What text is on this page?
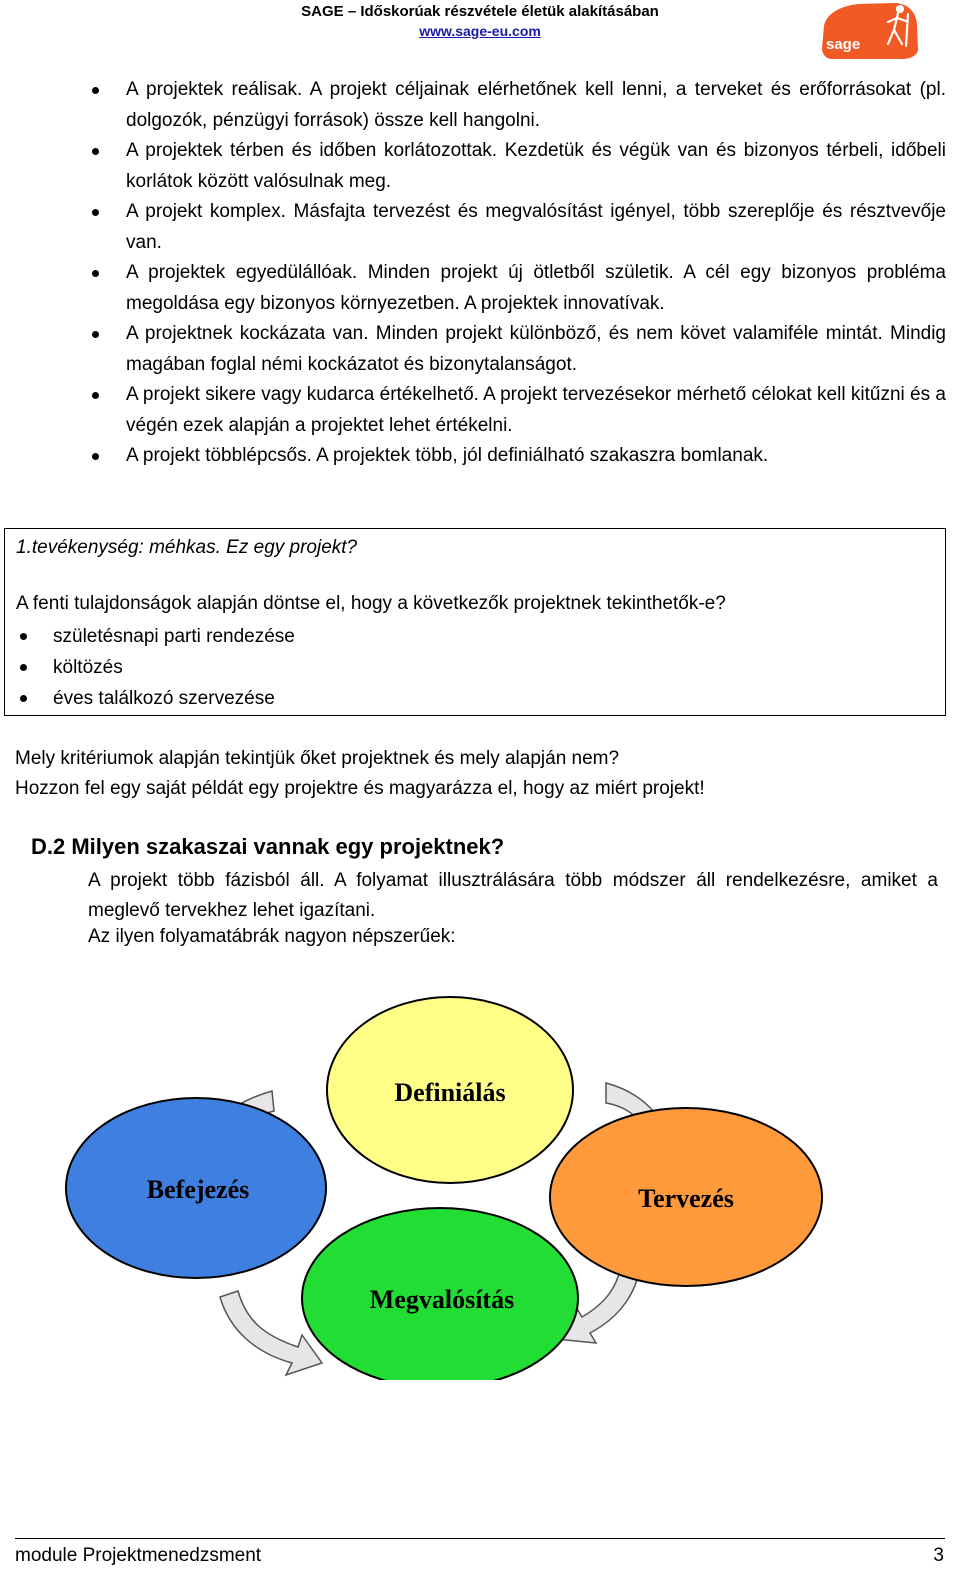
SAGE – Időskorúak részvétele életük alakításában
www.sage-eu.com
sage
A projektek reálisak. A projekt céljainak elérhetőnek kell lenni, a terveket és erőforrásokat (pl. dolgozók, pénzügyi források) össze kell hangolni.
A projektek térben és időben korlátozottak. Kezdetük és végük van és bizonyos térbeli, időbeli korlátok között valósulnak meg.
A projekt komplex. Másfajta tervezést és megvalósítást igényel, több szereplője és résztvevője van.
A projektek egyedülállóak. Minden projekt új ötletből születik. A cél egy bizonyos probléma megoldása egy bizonyos környezetben. A projektek innovatívak.
A projektnek kockázata van. Minden projekt különböző, és nem követ valamiféle mintát. Mindig magában foglal némi kockázatot és bizonytalanságot.
A projekt sikere vagy kudarca értékelhető. A projekt tervezésekor mérhető célokat kell kitűzni és a végén ezek alapján a projektet lehet értékelni.
A projekt többlépcsős. A projektek több, jól definiálható szakaszra bomlanak.
1.tevékenység: méhkas. Ez egy projekt?
A fenti tulajdonságok alapján döntse el, hogy a következők projektnek tekinthetők-e?
születésnapi parti rendezése
költözés
éves találkozó szervezése
Mely kritériumok alapján tekintjük őket projektnek és mely alapján nem?
Hozzon fel egy saját példát egy projektre és magyarázza el, hogy az miért projekt!
D.2 Milyen szakaszai vannak egy projektnek?
A projekt több fázisból áll. A folyamat illusztrálására több módszer áll rendelkezésre, amiket a meglevő tervekhez lehet igazítani.
Az ilyen folyamatábrák nagyon népszerűek:
Definiálás
Tervezés
Befejezés
Megvalósítás
module Projektmenedzsment	3
